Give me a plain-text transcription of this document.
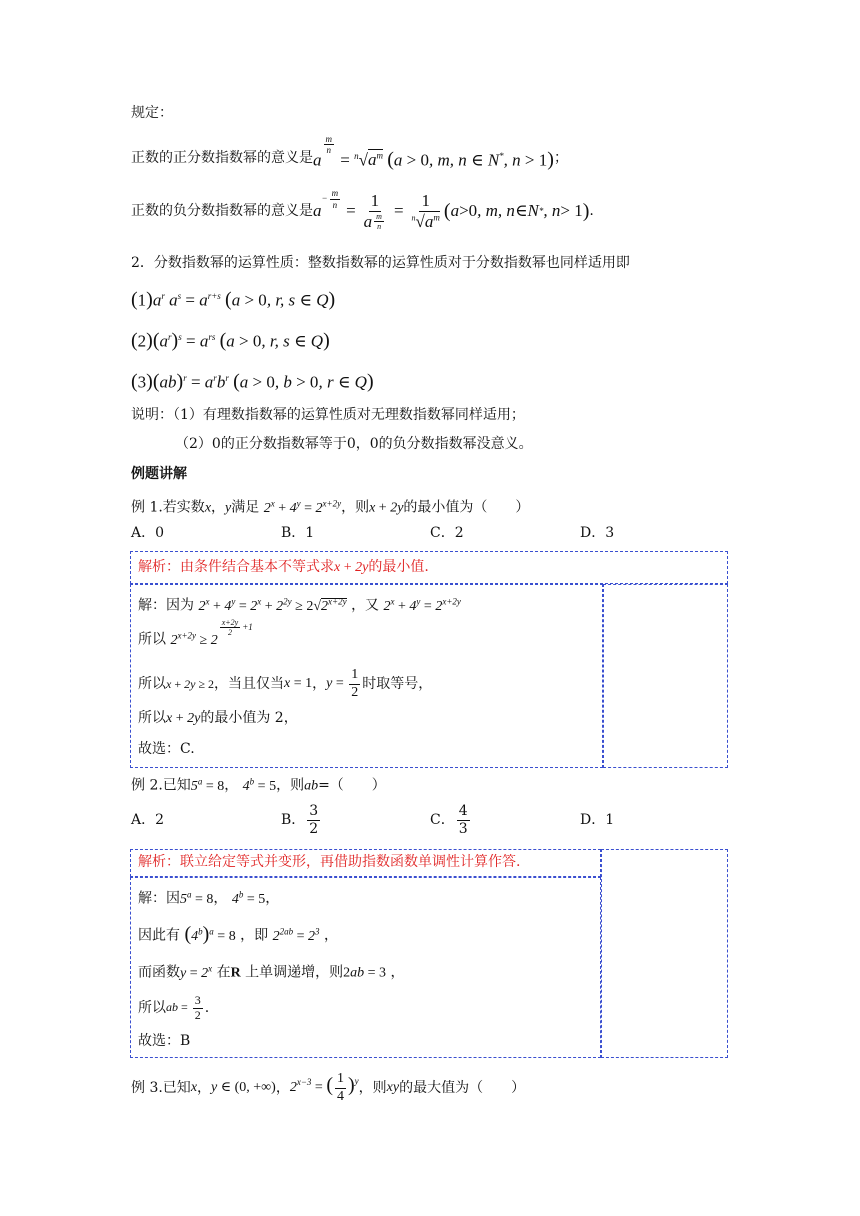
规定：
正数的正分数指数幂的意义是 a
$^{\frac{m}{n}}$
= $^n√a^m$ (a > 0, m, n ∈ N*, n > 1) ；
正数的负分数指数幂的意义是 a
− $\frac{m}{n}$
=
1
a $^{\frac{m}{n}}$
= $\frac{1}{^n√a^m}$ ( a > 0 , m, n ∈ N * , n > 1 ) .
2．分数指数幂的运算性质：整数指数幂的运算性质对于分数指数幂也同样适用即
$(1)a^r$ $a^s = a^{r+s}$ (a > 0, r, s ∈ Q)
$(2)(a^r)^s = a^{rs}$ (a > 0, r, s ∈ Q)
$(3)(ab)^r = a^rb^r$ (a > 0, b > 0, r ∈ Q)
说明：（1）有理数指数幂的运算性质对无理数指数幂同样适用；
（2）0的正分数指数幂等于0，0的负分数指数幂没意义。
例题讲解
例 1.若实数x，y满足 $2^x + 4^y = 2^{x+2y}$，则x + 2y的最小值为（　　）
A．0	B．1	C．2	D．3
解析：由条件结合基本不等式求x + 2y的最小值.
解：因为 $2^x + 4^y = 2^x + 2^{2y} \ge 2√2^{x+2y}$ ，又 $2^x + 4^y = 2^{x+2y}$
所以 $2^{x+2y} \ge 2$
$^{\frac{x+2y}{2} +1}$
所以 x + 2y ≥ 2 ，当且仅当 x = 1 ， $y = \frac{1}{2}$ 时取等号，
所以x + 2y的最小值为 2，
故选：C.
例 2.已知$5^a = 8$， $4^b = 5$，则ab=（　　）
A．2	B．
3
2
C．
4
3
D．1
解析：联立给定等式并变形，再借助指数函数单调性计算作答.
解：因$5^a = 8$， $4^b = 5$，
因此有 $(4^b)^a = 8$ ，即 $2^{2ab} = 2^3$ ，
而函数$y = 2^x$ 在R 上单调递增，则2ab = 3 ，
所以 ab = $\frac{3}{2}$ .
故选：B
例 3.已知 x ， y ∈ (0, +∞) ， $2^{x-3}$ = ( $\frac{1}{4} )^y$ ，则 xy 的最大值为（　　）
